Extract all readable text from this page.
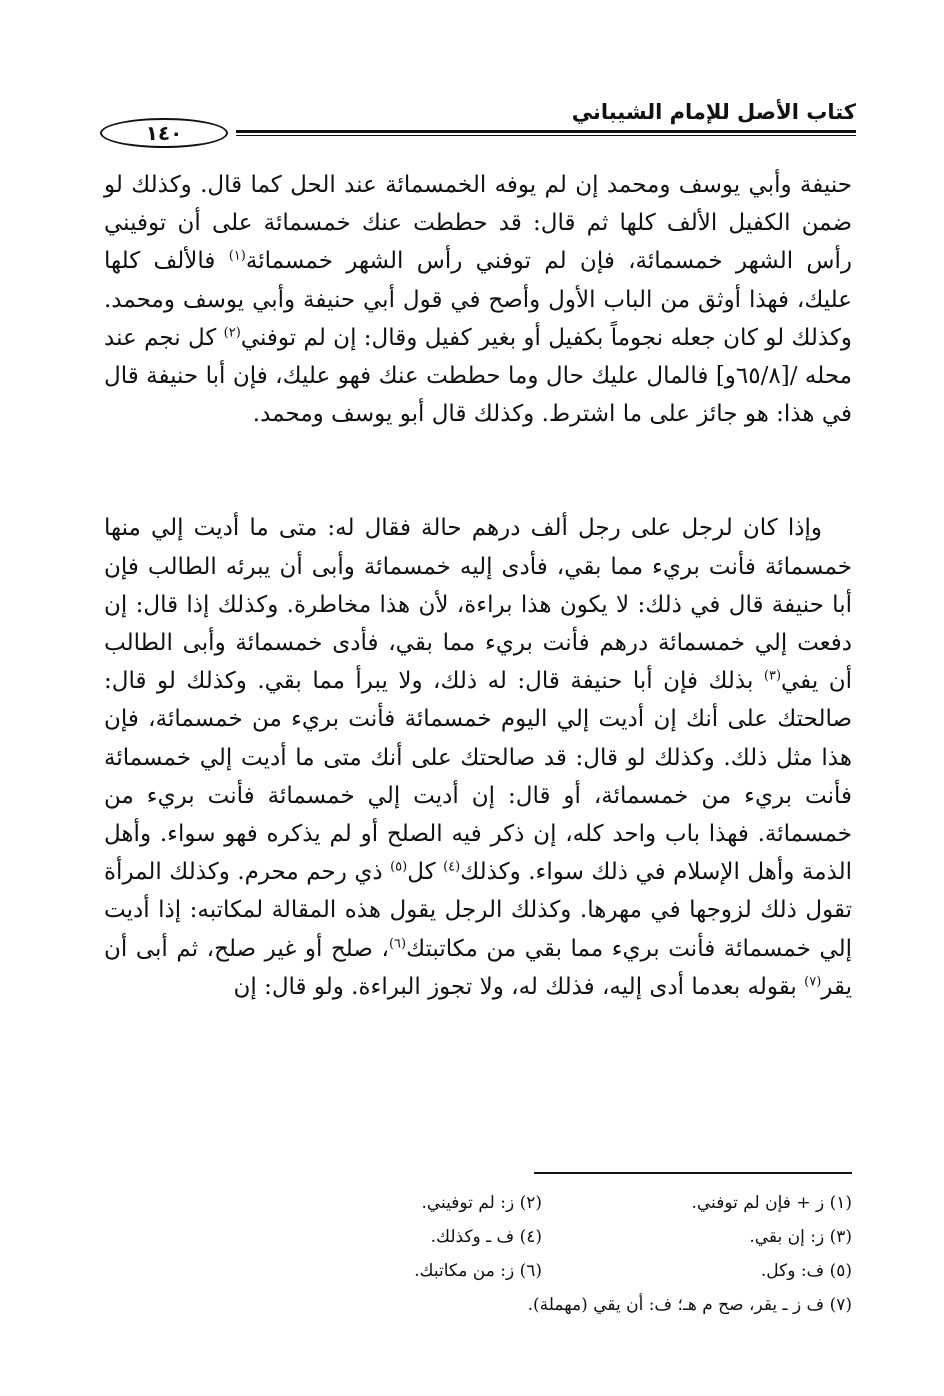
كتاب الأصل للإمام الشيباني
١٤٠

حنيفة وأبي يوسف ومحمد إن لم يوفه الخمسمائة عند الحل كما قال. وكذلك لو ضمن الكفيل الألف كلها ثم قال: قد حططت عنك خمسمائة على أن توفيني رأس الشهر خمسمائة، فإن لم توفني رأس الشهر خمسمائة$^{(١)}$ فالألف كلها عليك، فهذا أوثق من الباب الأول وأصح في قول أبي حنيفة وأبي يوسف ومحمد. وكذلك لو كان جعله نجوماً بكفيل أو بغير كفيل وقال: إن لم توفني$^{(٢)}$ كل نجم عند محله /[٦٥/٨و] فالمال عليك حال وما حططت عنك فهو عليك، فإن أبا حنيفة قال في هذا: هو جائز على ما اشترط. وكذلك قال أبو يوسف ومحمد.

وإذا كان لرجل على رجل ألف درهم حالة فقال له: متى ما أديت إلي منها خمسمائة فأنت بريء مما بقي، فأدى إليه خمسمائة وأبى أن يبرئه الطالب فإن أبا حنيفة قال في ذلك: لا يكون هذا براءة، لأن هذا مخاطرة. وكذلك إذا قال: إن دفعت إلي خمسمائة درهم فأنت بريء مما بقي، فأدى خمسمائة وأبى الطالب أن يفي$^{(٣)}$ بذلك فإن أبا حنيفة قال: له ذلك، ولا يبرأ مما بقي. وكذلك لو قال: صالحتك على أنك إن أديت إلي اليوم خمسمائة فأنت بريء من خمسمائة، فإن هذا مثل ذلك. وكذلك لو قال: قد صالحتك على أنك متى ما أديت إلي خمسمائة فأنت بريء من خمسمائة، أو قال: إن أديت إلي خمسمائة فأنت بريء من خمسمائة. فهذا باب واحد كله، إن ذكر فيه الصلح أو لم يذكره فهو سواء. وأهل الذمة وأهل الإسلام في ذلك سواء. وكذلك$^{(٤)}$ كل$^{(٥)}$ ذي رحم محرم. وكذلك المرأة تقول ذلك لزوجها في مهرها. وكذلك الرجل يقول هذه المقالة لمكاتبه: إذا أديت إلي خمسمائة فأنت بريء مما بقي من مكاتبتك$^{(٦)}$، صلح أو غير صلح، ثم أبى أن يقر$^{(٧)}$ بقوله بعدما أدى إليه، فذلك له، ولا تجوز البراءة. ولو قال: إن

(١) ز + فإن لم توفني.
(٢) ز: لم توفيني.
(٣) ز: إن بقي.
(٤) ف ـ وكذلك.
(٥) ف: وكل.
(٦) ز: من مكاتبك.
(٧) ف ز ـ يقر، صح م هـ؛ ف: أن يقي (مهملة).
